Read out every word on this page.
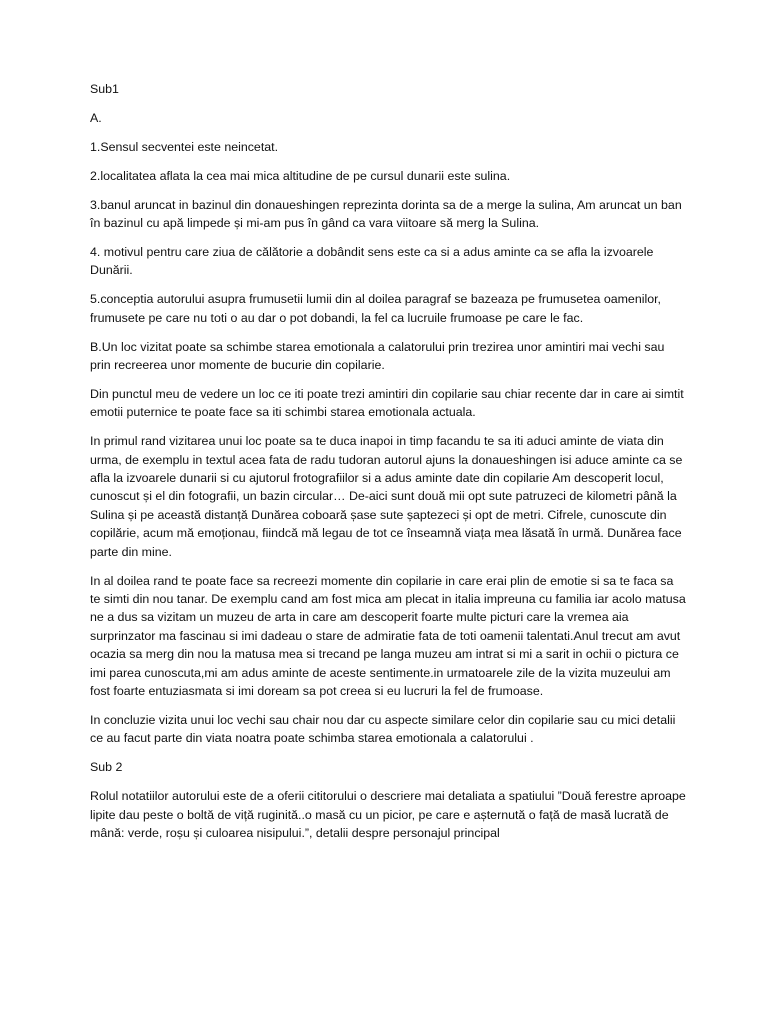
Sub1

A.

1.Sensul secventei este neincetat.

2.localitatea aflata la cea mai mica altitudine de pe cursul dunarii este sulina.

3.banul aruncat in bazinul din donaueshingen reprezinta dorinta sa de a merge la sulina, Am aruncat un ban în bazinul cu apă limpede și mi-am pus în gând ca vara viitoare să merg la Sulina.

4. motivul pentru care ziua de călătorie a dobândit sens este ca si a adus aminte ca se afla la izvoarele Dunării.

5.conceptia autorului asupra frumusetii lumii din al doilea paragraf se bazeaza pe frumusetea oamenilor, frumusete pe care nu toti o au dar o pot dobandi, la fel ca lucruile frumoase pe care le fac.

B.Un loc vizitat poate sa schimbe starea emotionala a calatorului prin trezirea unor amintiri mai vechi sau prin recreerea unor momente de bucurie din copilarie.

Din punctul meu de vedere un loc ce iti poate trezi amintiri din copilarie sau chiar recente dar in care ai simtit emotii puternice te poate face sa iti schimbi starea emotionala actuala.

In primul rand vizitarea unui loc poate sa te duca inapoi in timp facandu te sa iti aduci aminte de viata din urma, de exemplu in textul acea fata de radu tudoran autorul ajuns la donaueshingen isi aduce aminte ca se afla la izvoarele dunarii si cu ajutorul frotografiilor si a adus aminte date din copilarie Am descoperit locul, cunoscut și el din fotografii, un bazin circular… De-aici sunt două mii opt sute patruzeci de kilometri până la Sulina și pe această distanță Dunărea coboară șase sute șaptezeci și opt de metri. Cifrele, cunoscute din copilărie, acum mă emoționau, fiindcă mă legau de tot ce înseamnă viața mea lăsată în urmă. Dunărea face parte din mine.

In al doilea rand te poate face sa recreezi momente din copilarie in care erai plin de emotie si sa te faca sa te simti din nou tanar. De exemplu cand am fost mica am plecat in italia impreuna cu familia iar acolo matusa ne a dus sa vizitam un muzeu de arta in care am descoperit foarte multe picturi care la vremea aia surprinzator ma fascinau si imi dadeau o stare de admiratie fata de toti oamenii talentati.Anul trecut am avut ocazia sa merg din nou la matusa mea si trecand pe langa muzeu am intrat si mi a sarit in ochii o pictura ce imi parea cunoscuta,mi am adus aminte de aceste sentimente.in urmatoarele zile de la vizita muzeului am fost foarte entuziasmata si imi doream sa pot creea si eu lucruri la fel de frumoase.

In concluzie vizita unui loc vechi sau chair nou dar cu aspecte similare celor din copilarie sau cu mici detalii ce au facut parte din viata noatra poate schimba starea emotionala a calatorului .

Sub 2

Rolul notatiilor autorului este de a oferii cititorului o descriere mai detaliata a spatiului ”Două ferestre aproape lipite dau peste o boltă de viță ruginită..o masă cu un picior, pe care e așternută o față de masă lucrată de mână: verde, roșu și culoarea nisipului.”, detalii despre personajul principal
